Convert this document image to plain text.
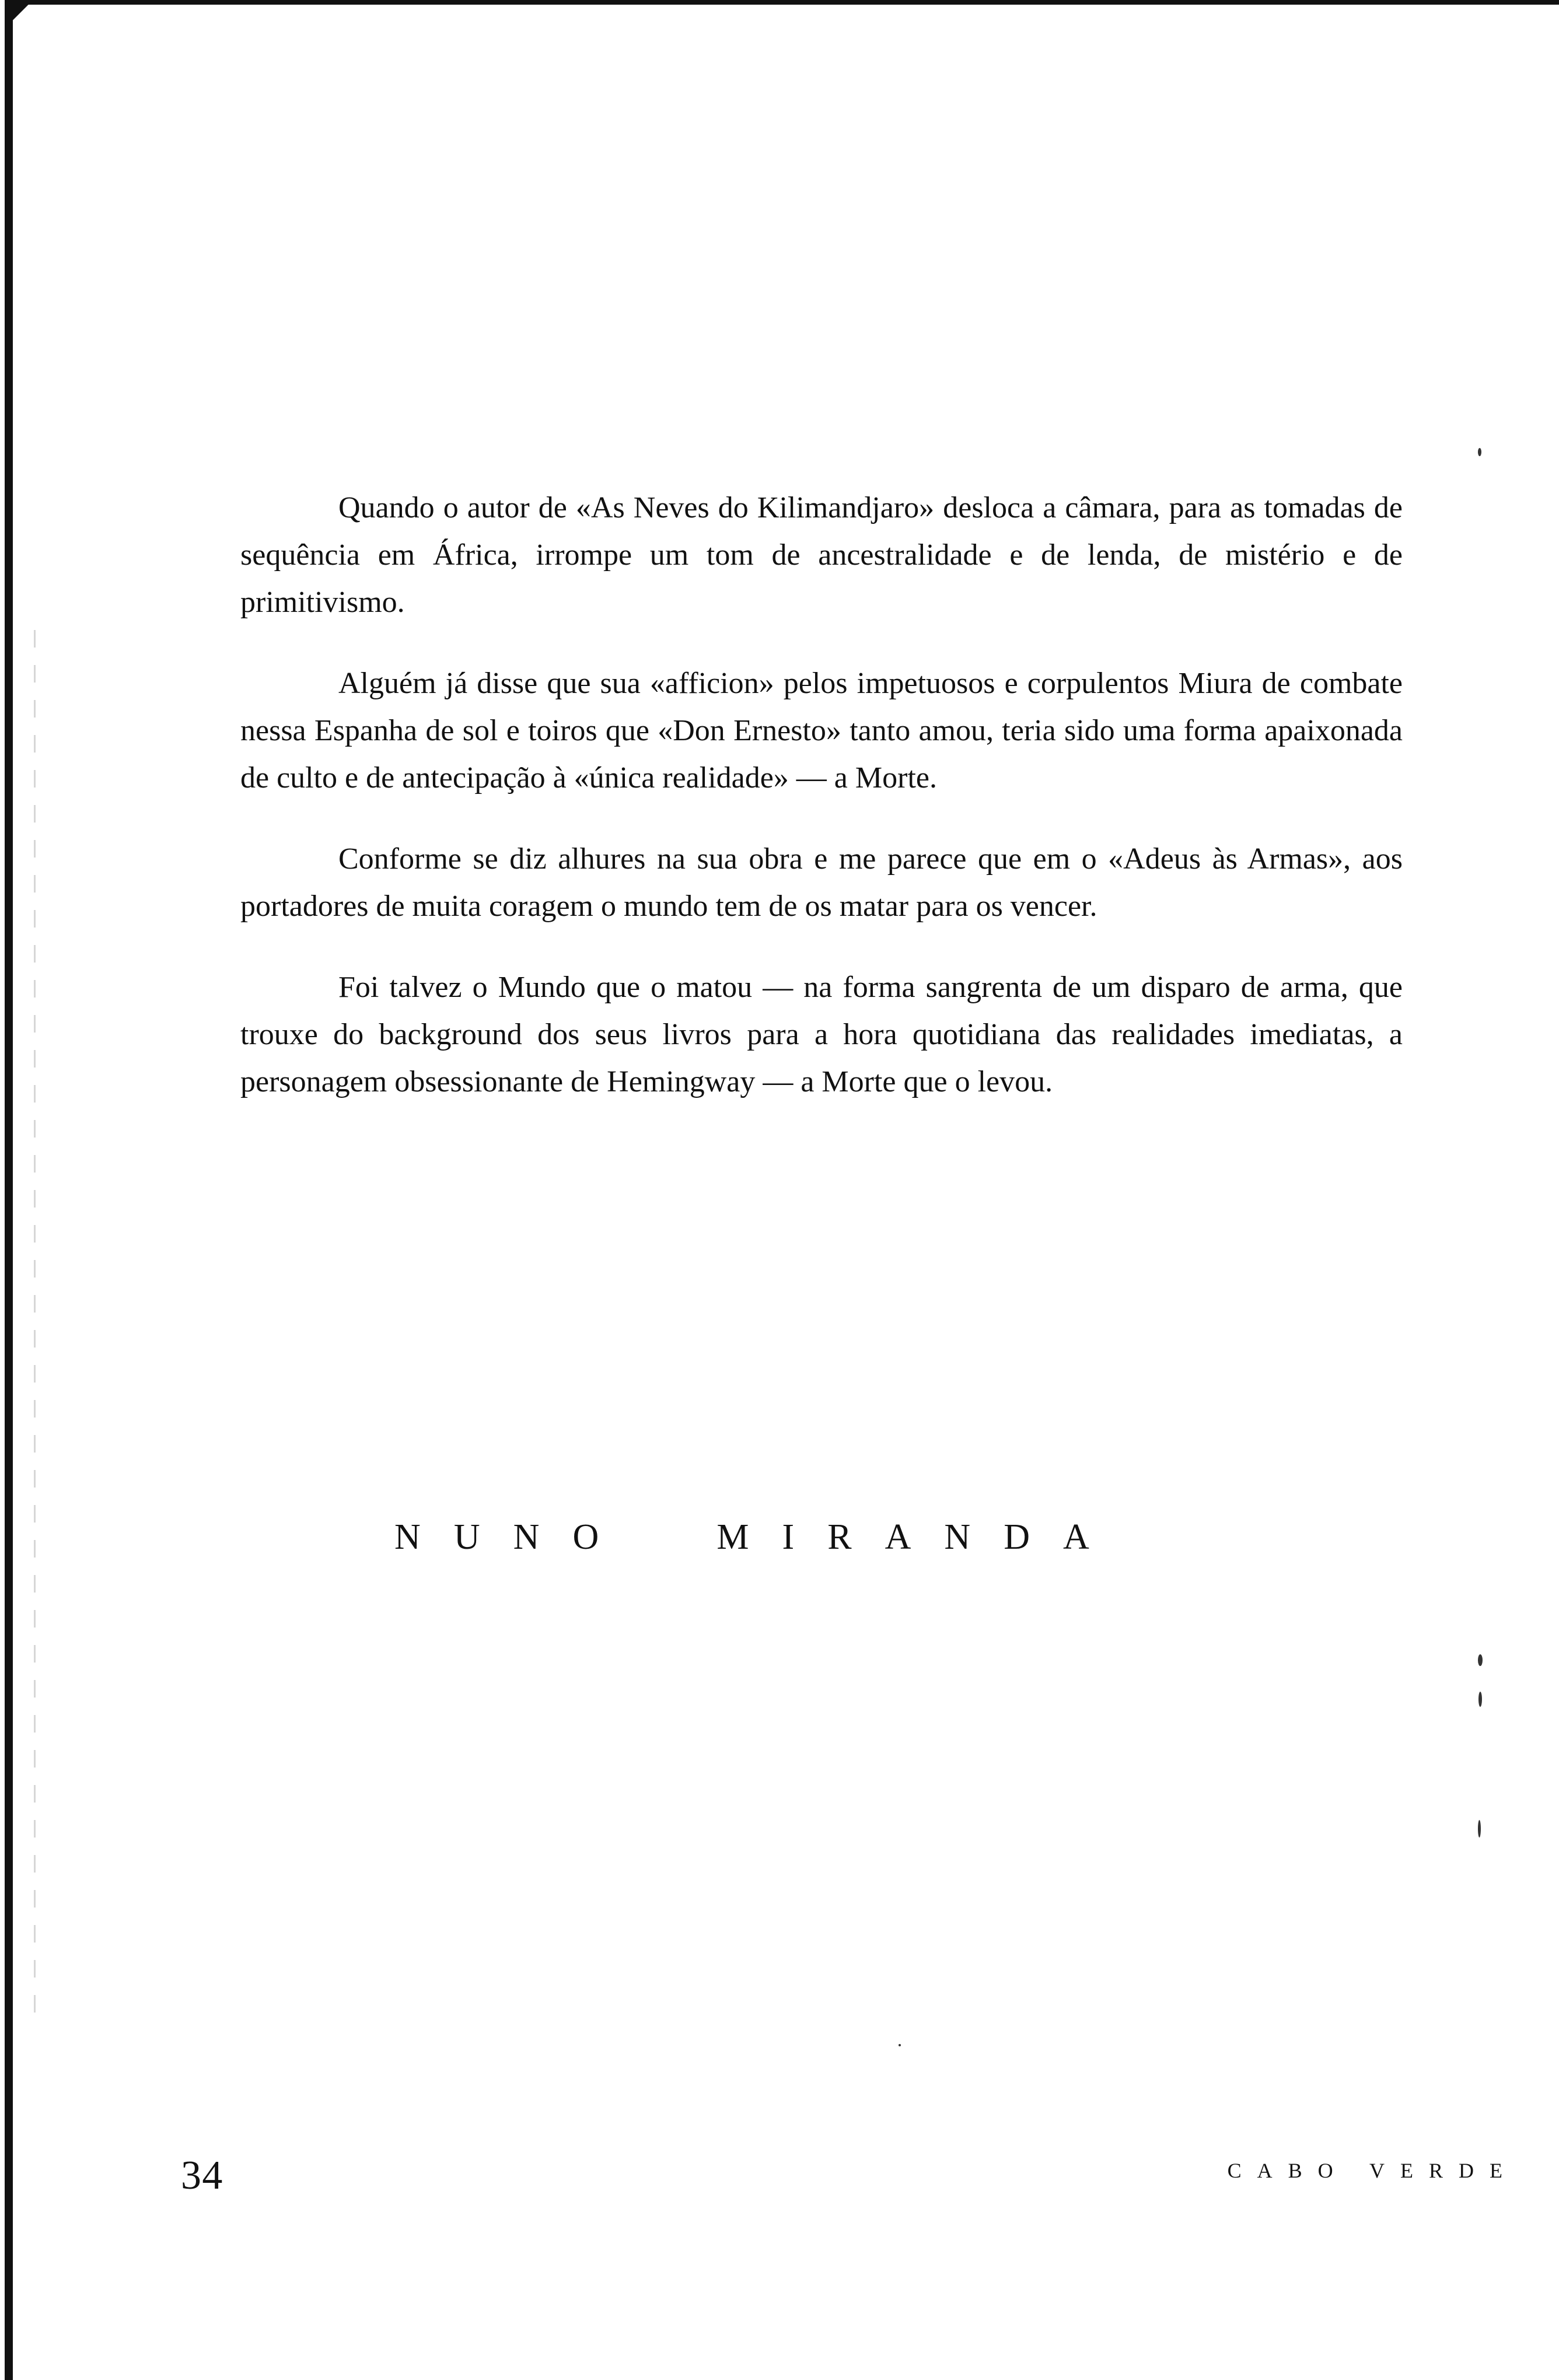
Quando o autor de «As Neves do Kilimandjaro» desloca a câmara, para as tomadas de sequência em África, irrompe um tom de ancestralidade e de lenda, de mistério e de primitivismo.

Alguém já disse que sua «afficion» pelos impetuosos e corpulentos Miura de combate nessa Espanha de sol e toiros que «Don Ernesto» tanto amou, teria sido uma forma apaixonada de culto e de antecipação à «única realidade» — a Morte.

Conforme se diz alhures na sua obra e me parece que em o «Adeus às Armas», aos portadores de muita coragem o mundo tem de os matar para os vencer.

Foi talvez o Mundo que o matou — na forma sangrenta de um disparo de arma, que trouxe do background dos seus livros para a hora quotidiana das realidades imediatas, a personagem obsessionante de Hemingway — a Morte que o levou.

NUNO  MIRANDA
34	CABO VERDE
